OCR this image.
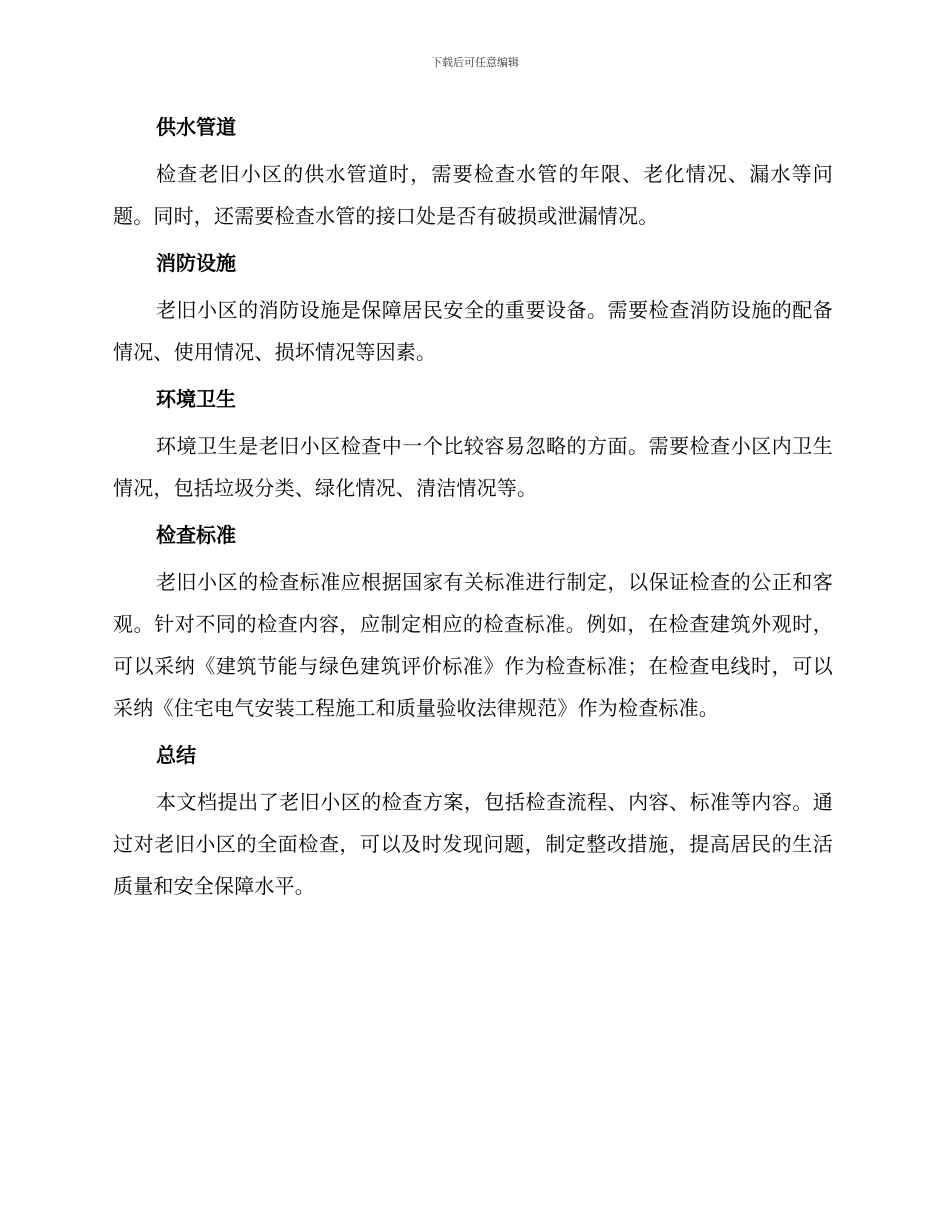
下载后可任意编辑
供水管道

检查老旧小区的供水管道时，需要检查水管的年限、老化情况、漏水等问题。同时，还需要检查水管的接口处是否有破损或泄漏情况。

消防设施

老旧小区的消防设施是保障居民安全的重要设备。需要检查消防设施的配备情况、使用情况、损坏情况等因素。

环境卫生

环境卫生是老旧小区检查中一个比较容易忽略的方面。需要检查小区内卫生情况，包括垃圾分类、绿化情况、清洁情况等。

检查标准

老旧小区的检查标准应根据国家有关标准进行制定，以保证检查的公正和客观。针对不同的检查内容，应制定相应的检查标准。例如，在检查建筑外观时，可以采纳《建筑节能与绿色建筑评价标准》作为检查标准；在检查电线时，可以采纳《住宅电气安装工程施工和质量验收法律规范》作为检查标准。

总结

本文档提出了老旧小区的检查方案，包括检查流程、内容、标准等内容。通过对老旧小区的全面检查，可以及时发现问题，制定整改措施，提高居民的生活质量和安全保障水平。
